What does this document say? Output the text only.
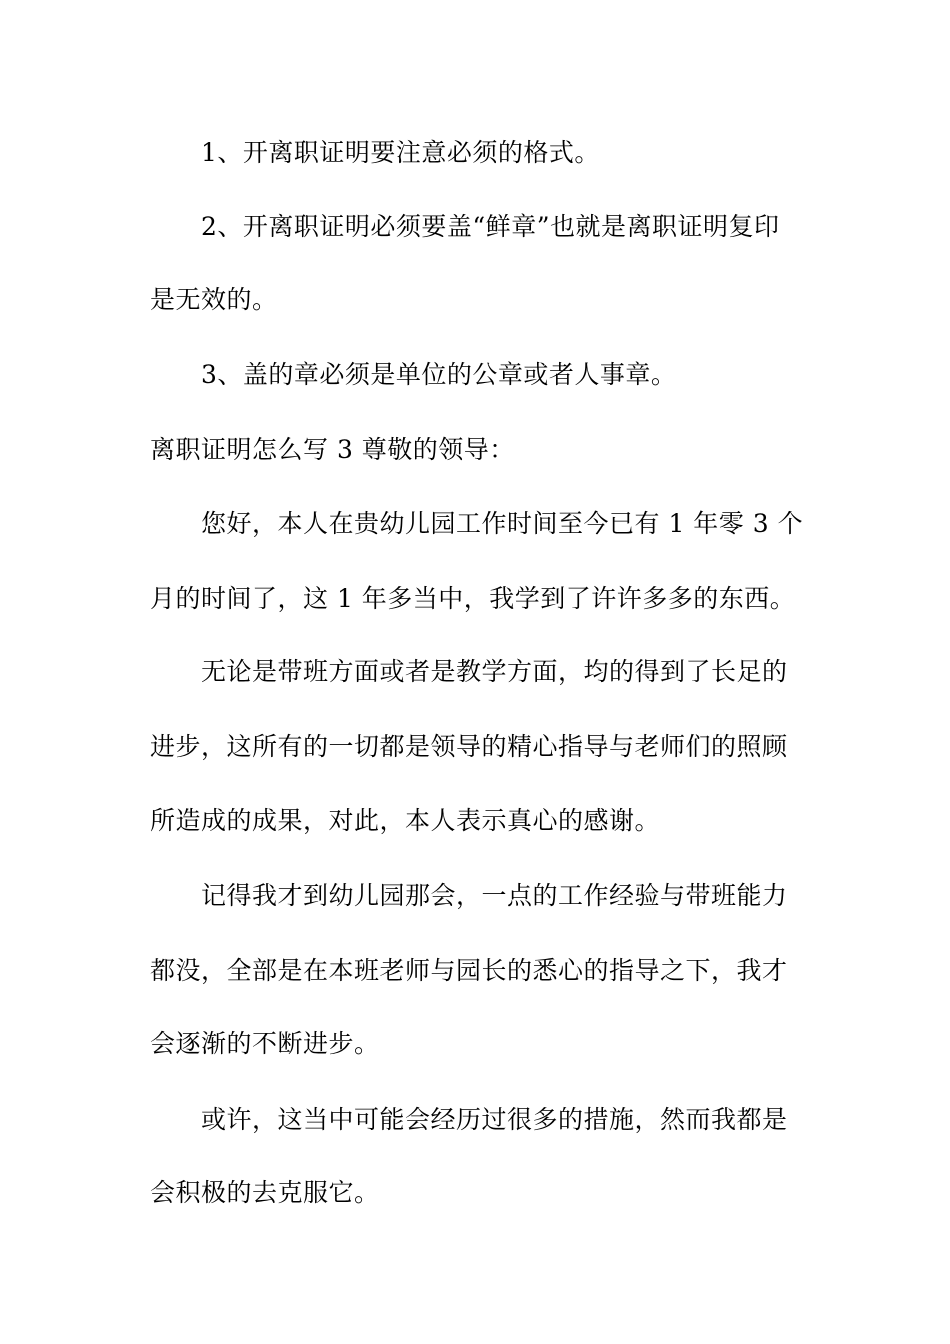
1、开离职证明要注意必须的格式。
2、开离职证明必须要盖“鲜章”也就是离职证明复印
是无效的。
3、盖的章必须是单位的公章或者人事章。
离职证明怎么写 3 尊敬的领导：
您好，本人在贵幼儿园工作时间至今已有 1 年零 3 个
月的时间了，这 1 年多当中，我学到了许许多多的东西。
无论是带班方面或者是教学方面，均的得到了长足的
进步，这所有的一切都是领导的精心指导与老师们的照顾
所造成的成果，对此，本人表示真心的感谢。
记得我才到幼儿园那会，一点的工作经验与带班能力
都没，全部是在本班老师与园长的悉心的指导之下，我才
会逐渐的不断进步。
或许，这当中可能会经历过很多的措施，然而我都是
会积极的去克服它。
